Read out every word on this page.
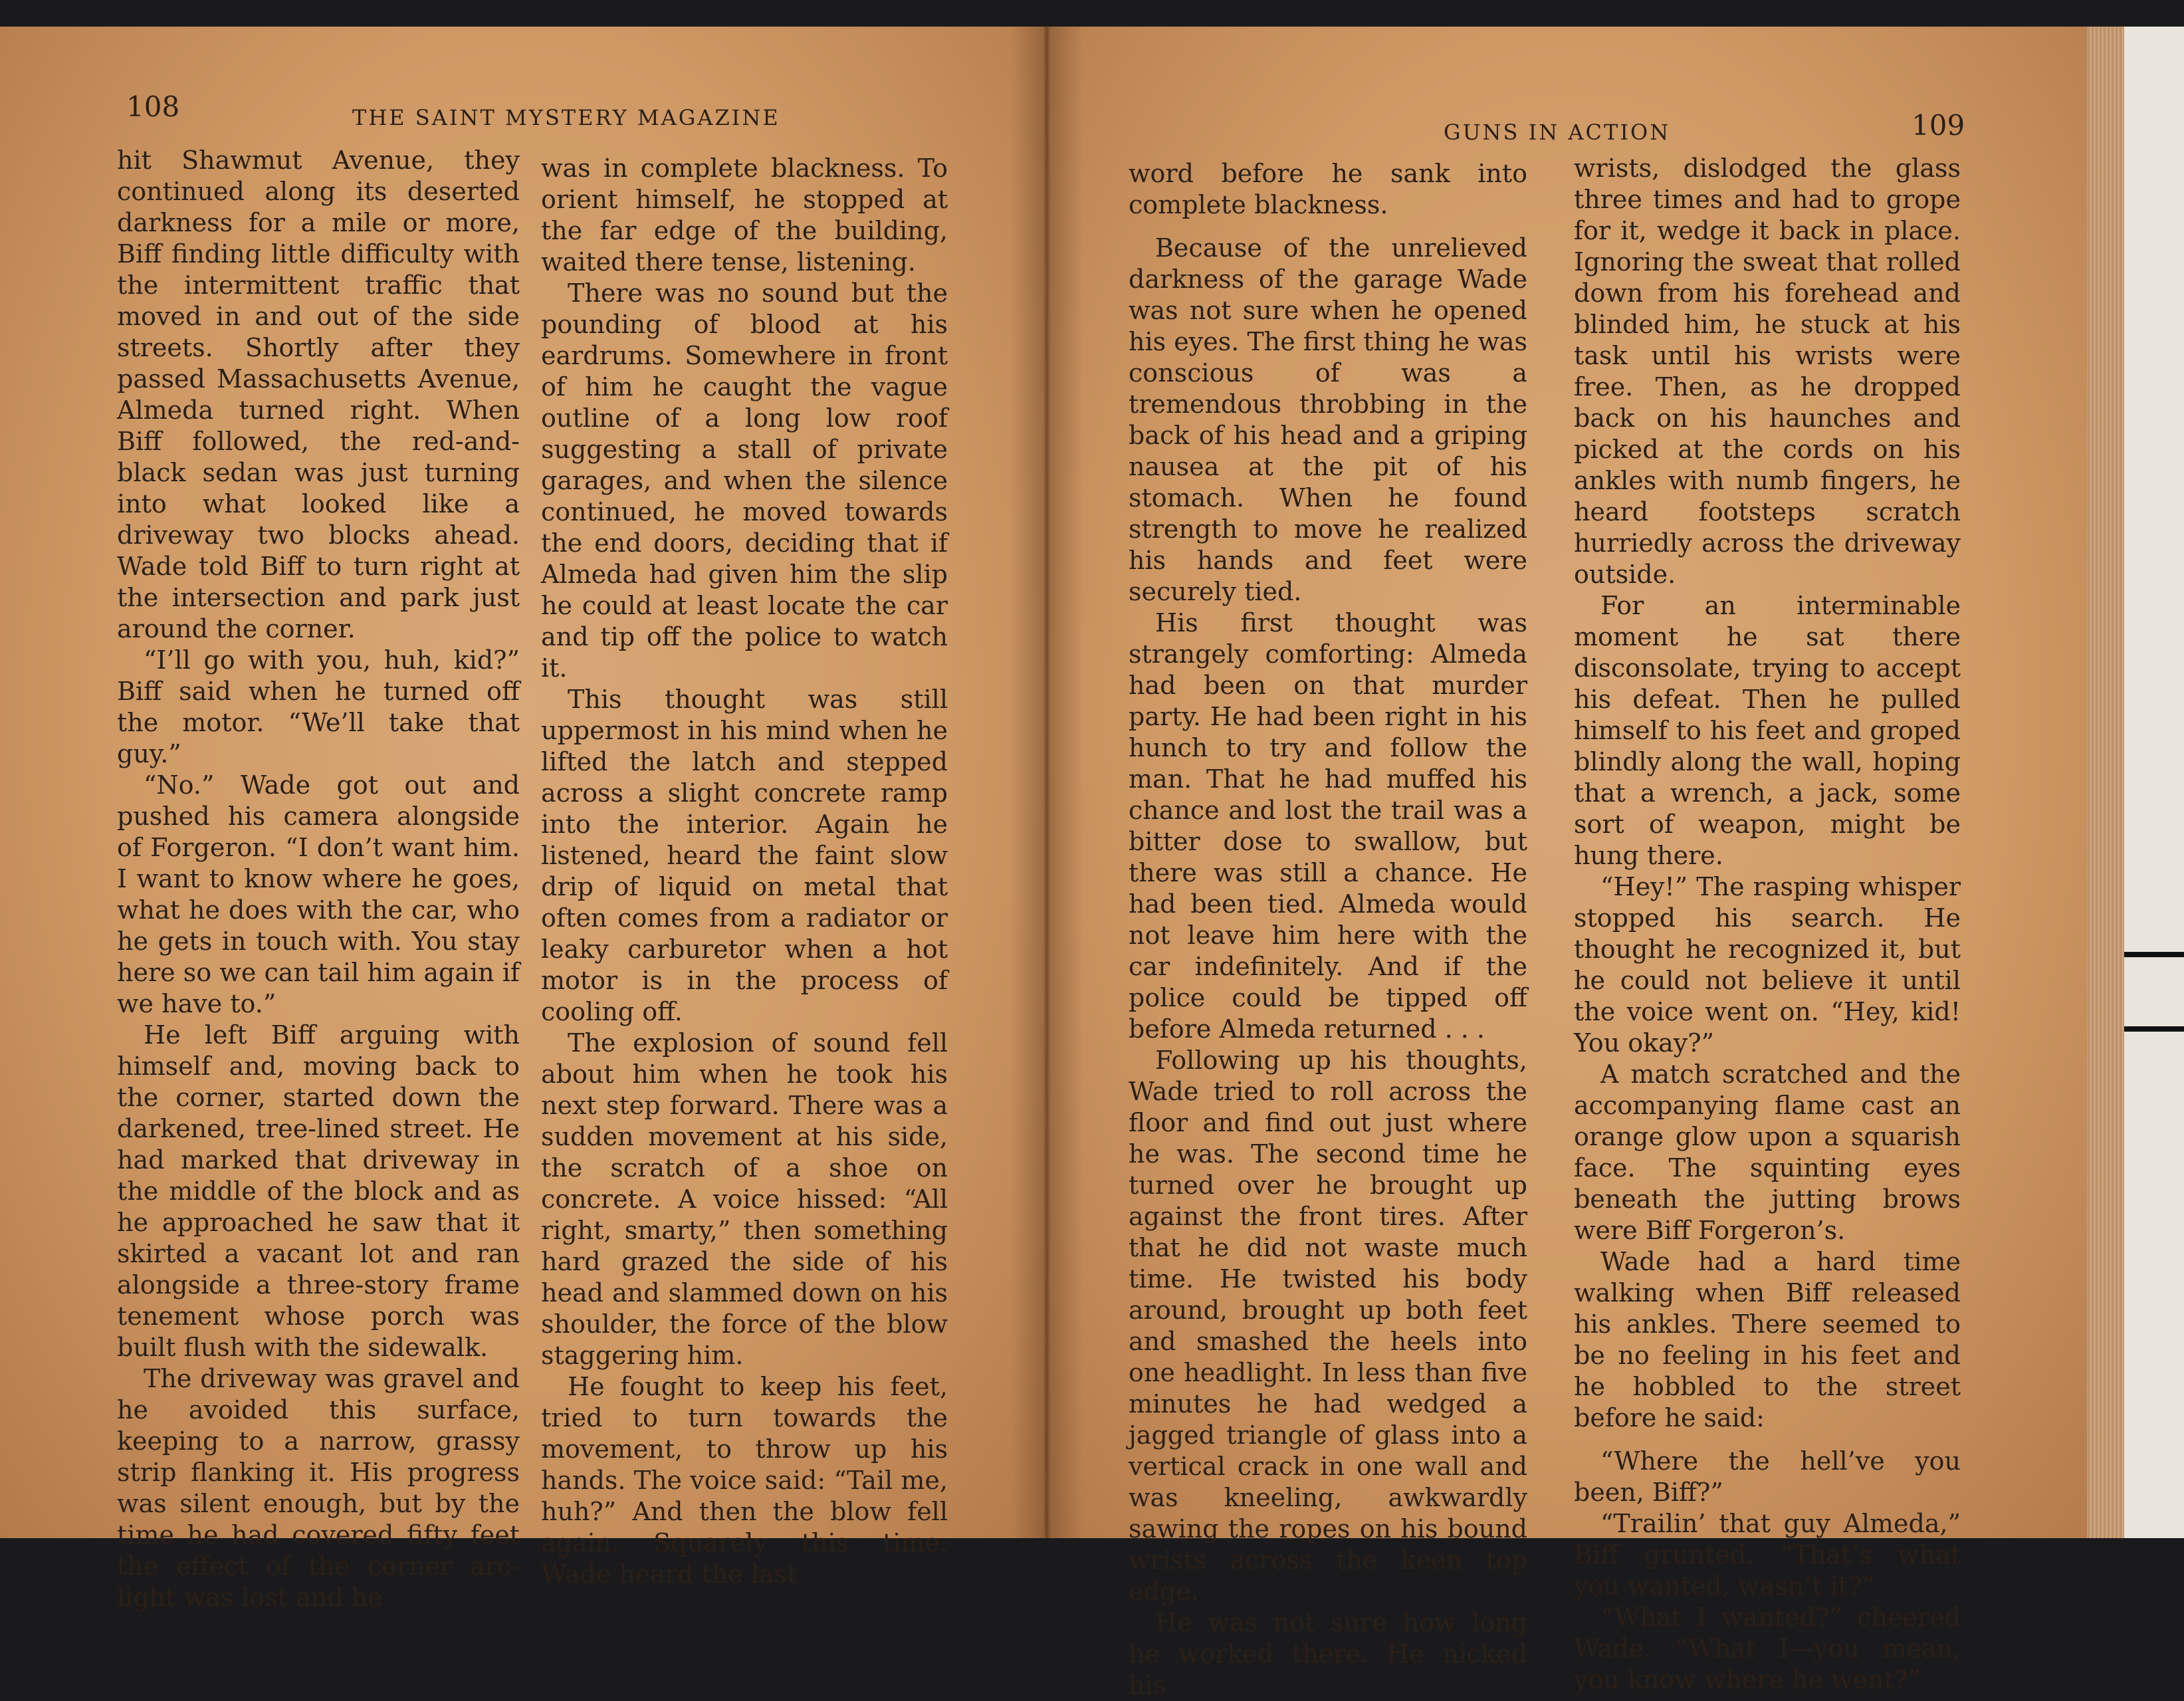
108	THE SAINT MYSTERY MAGAZINE

hit Shawmut Avenue, they continued along its deserted darkness for a mile or more, Biff finding little difficulty with the intermittent traffic that moved in and out of the side streets. Shortly after they passed Massachusetts Avenue, Almeda turned right. When Biff followed, the red-and-black sedan was just turning into what looked like a driveway two blocks ahead. Wade told Biff to turn right at the intersection and park just around the corner.

“I’ll go with you, huh, kid?” Biff said when he turned off the motor. “We’ll take that guy.”

“No.” Wade got out and pushed his camera alongside of Forgeron. “I don’t want him. I want to know where he goes, what he does with the car, who he gets in touch with. You stay here so we can tail him again if we have to.”

He left Biff arguing with himself and, moving back to the corner, started down the darkened, tree-lined street. He had marked that driveway in the middle of the block and as he approached he saw that it skirted a vacant lot and ran alongside a three-story frame tenement whose porch was built flush with the sidewalk.

The driveway was gravel and he avoided this surface, keeping to a narrow, grassy strip flanking it. His progress was silent enough, but by the time he had covered fifty feet the effect of the corner arc-light was lost and he

was in complete blackness. To orient himself, he stopped at the far edge of the building, waited there tense, listening.

There was no sound but the pounding of blood at his eardrums. Somewhere in front of him he caught the vague outline of a long low roof suggesting a stall of private garages, and when the silence continued, he moved towards the end doors, deciding that if Almeda had given him the slip he could at least locate the car and tip off the police to watch it.

This thought was still uppermost in his mind when he lifted the latch and stepped across a slight concrete ramp into the interior. Again he listened, heard the faint slow drip of liquid on metal that often comes from a radiator or leaky carburetor when a hot motor is in the process of cooling off.

The explosion of sound fell about him when he took his next step forward. There was a sudden movement at his side, the scratch of a shoe on concrete. A voice hissed: “All right, smarty,” then something hard grazed the side of his head and slammed down on his shoulder, the force of the blow staggering him.

He fought to keep his feet, tried to turn towards the movement, to throw up his hands. The voice said: “Tail me, huh?” And then the blow fell again. Squarely this time. Wade heard the last

GUNS IN ACTION	109

word before he sank into complete blackness.

Because of the unrelieved darkness of the garage Wade was not sure when he opened his eyes. The first thing he was conscious of was a tremendous throbbing in the back of his head and a griping nausea at the pit of his stomach. When he found strength to move he realized his hands and feet were securely tied.

His first thought was strangely comforting: Almeda had been on that murder party. He had been right in his hunch to try and follow the man. That he had muffed his chance and lost the trail was a bitter dose to swallow, but there was still a chance. He had been tied. Almeda would not leave him here with the car indefinitely. And if the police could be tipped off before Almeda returned . . .

Following up his thoughts, Wade tried to roll across the floor and find out just where he was. The second time he turned over he brought up against the front tires. After that he did not waste much time. He twisted his body around, brought up both feet and smashed the heels into one headlight. In less than five minutes he had wedged a jagged triangle of glass into a vertical crack in one wall and was kneeling, awkwardly sawing the ropes on his bound wrists across the keen top edge.

He was not sure how long he worked there. He nicked his

wrists, dislodged the glass three times and had to grope for it, wedge it back in place. Ignoring the sweat that rolled down from his forehead and blinded him, he stuck at his task until his wrists were free. Then, as he dropped back on his haunches and picked at the cords on his ankles with numb fingers, he heard footsteps scratch hurriedly across the driveway outside.

For an interminable moment he sat there disconsolate, trying to accept his defeat. Then he pulled himself to his feet and groped blindly along the wall, hoping that a wrench, a jack, some sort of weapon, might be hung there.

“Hey!” The rasping whisper stopped his search. He thought he recognized it, but he could not believe it until the voice went on. “Hey, kid! You okay?”

A match scratched and the accompanying flame cast an orange glow upon a squarish face. The squinting eyes beneath the jutting brows were Biff Forgeron’s.

Wade had a hard time walking when Biff released his ankles. There seemed to be no feeling in his feet and he hobbled to the street before he said:

“Where the hell’ve you been, Biff?”

“Trailin’ that guy Almeda,” Biff grunted. “That’s what you wanted, wasn’t it?”

“What I wanted?” cheered Wade. “What I—you mean, you know where he went?”
